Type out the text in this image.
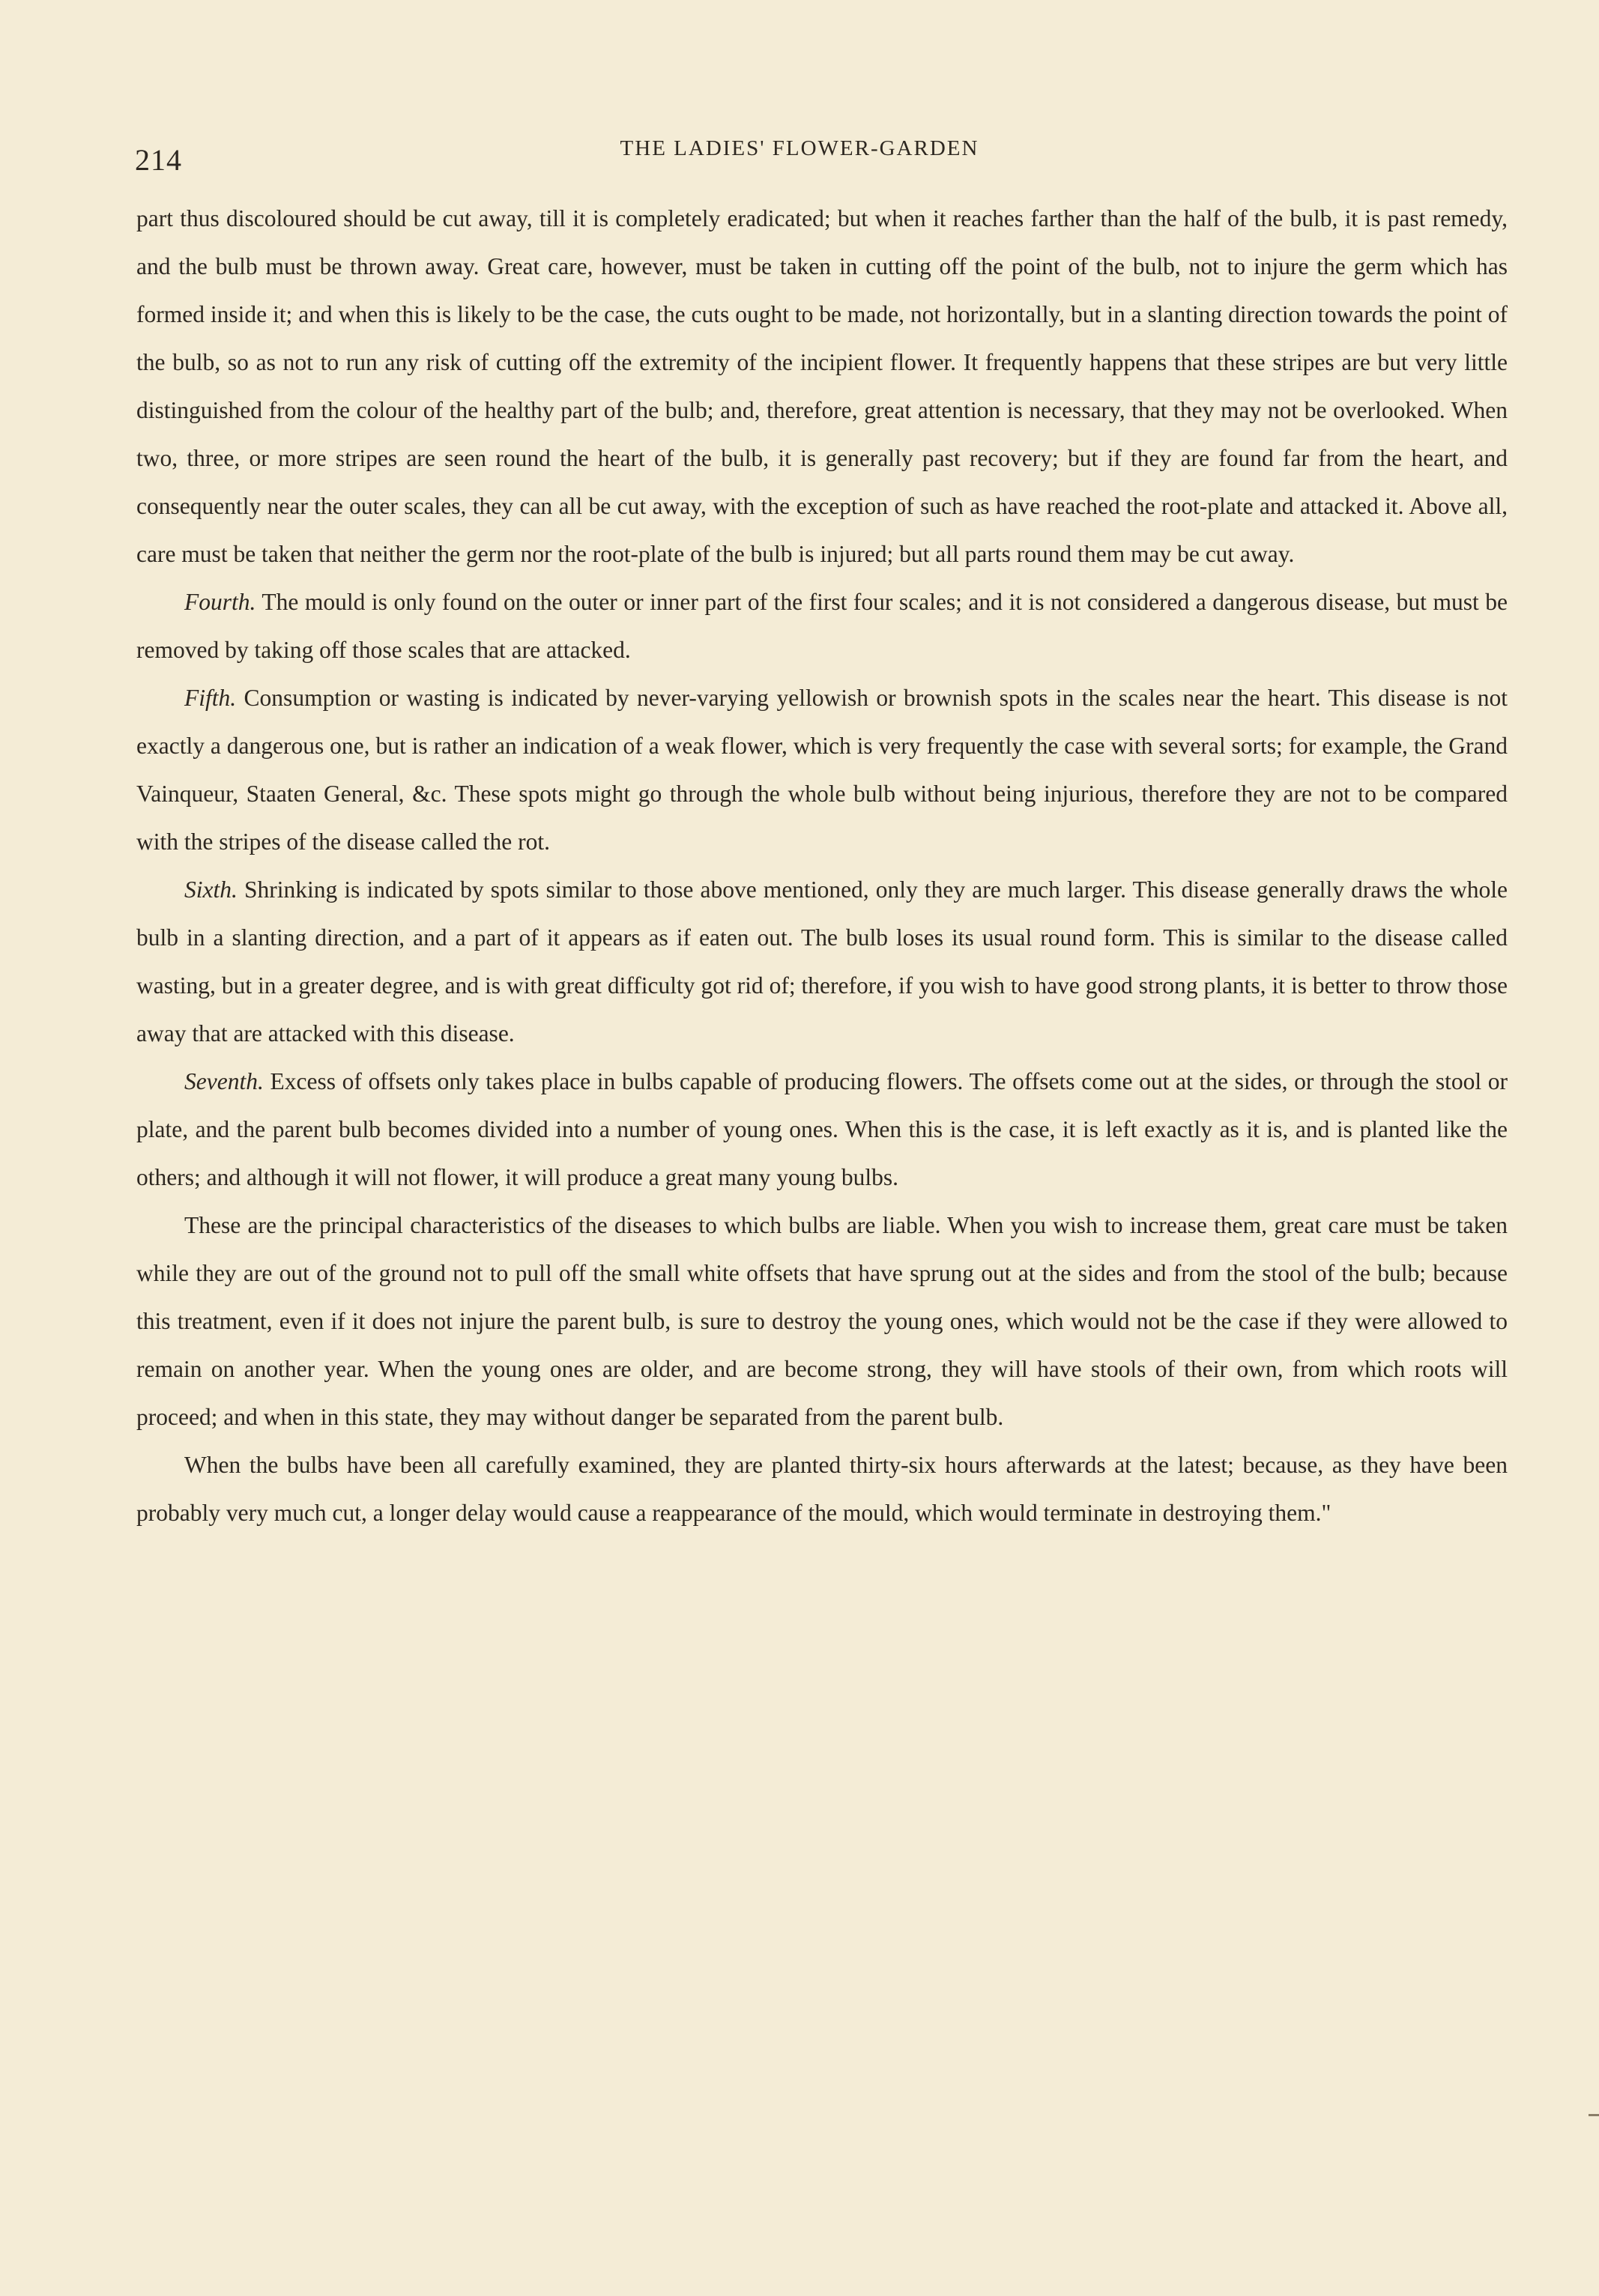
214	THE LADIES' FLOWER-GARDEN

part thus discoloured should be cut away, till it is completely eradicated; but when it reaches farther than the half of the bulb, it is past remedy, and the bulb must be thrown away. Great care, however, must be taken in cutting off the point of the bulb, not to injure the germ which has formed inside it; and when this is likely to be the case, the cuts ought to be made, not horizontally, but in a slanting direction towards the point of the bulb, so as not to run any risk of cutting off the extremity of the incipient flower. It frequently happens that these stripes are but very little distinguished from the colour of the healthy part of the bulb; and, therefore, great attention is necessary, that they may not be overlooked. When two, three, or more stripes are seen round the heart of the bulb, it is generally past recovery; but if they are found far from the heart, and consequently near the outer scales, they can all be cut away, with the exception of such as have reached the root-plate and attacked it. Above all, care must be taken that neither the germ nor the root-plate of the bulb is injured; but all parts round them may be cut away.

Fourth. The mould is only found on the outer or inner part of the first four scales; and it is not considered a dangerous disease, but must be removed by taking off those scales that are attacked.

Fifth. Consumption or wasting is indicated by never-varying yellowish or brownish spots in the scales near the heart. This disease is not exactly a dangerous one, but is rather an indication of a weak flower, which is very frequently the case with several sorts; for example, the Grand Vainqueur, Staaten General, &c. These spots might go through the whole bulb without being injurious, therefore they are not to be compared with the stripes of the disease called the rot.

Sixth. Shrinking is indicated by spots similar to those above mentioned, only they are much larger. This disease generally draws the whole bulb in a slanting direction, and a part of it appears as if eaten out. The bulb loses its usual round form. This is similar to the disease called wasting, but in a greater degree, and is with great difficulty got rid of; therefore, if you wish to have good strong plants, it is better to throw those away that are attacked with this disease.

Seventh. Excess of offsets only takes place in bulbs capable of producing flowers. The offsets come out at the sides, or through the stool or plate, and the parent bulb becomes divided into a number of young ones. When this is the case, it is left exactly as it is, and is planted like the others; and although it will not flower, it will produce a great many young bulbs.

These are the principal characteristics of the diseases to which bulbs are liable. When you wish to increase them, great care must be taken while they are out of the ground not to pull off the small white offsets that have sprung out at the sides and from the stool of the bulb; because this treatment, even if it does not injure the parent bulb, is sure to destroy the young ones, which would not be the case if they were allowed to remain on another year. When the young ones are older, and are become strong, they will have stools of their own, from which roots will proceed; and when in this state, they may without danger be separated from the parent bulb.

When the bulbs have been all carefully examined, they are planted thirty-six hours afterwards at the latest; because, as they have been probably very much cut, a longer delay would cause a reappearance of the mould, which would terminate in destroying them."
